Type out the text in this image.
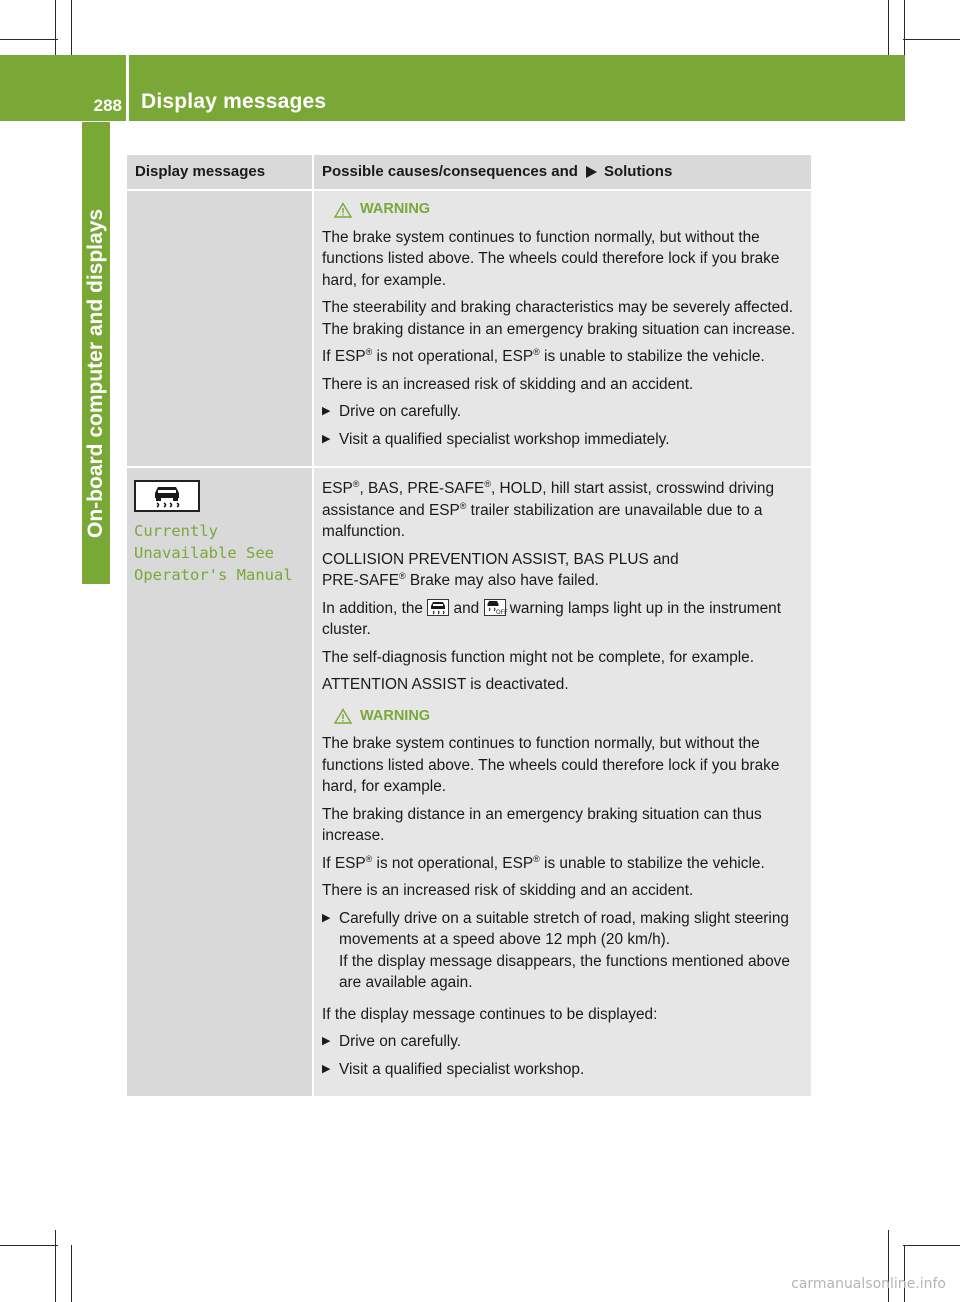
288 Display messages
On-board computer and displays
Display messages	Possible causes/consequences and Solutions
WARNING

The brake system continues to function normally, but without the functions listed above. The wheels could therefore lock if you brake hard, for example.

The steerability and braking characteristics may be severely affected. The braking distance in an emergency braking situation can increase.

If ESP® is not operational, ESP® is unable to stabilize the vehicle.

There is an increased risk of skidding and an accident.

▶ Drive on carefully.
▶ Visit a qualified specialist workshop immediately.
Currently
Unavailable See
Operator's Manual

ESP®, BAS, PRE-SAFE®, HOLD, hill start assist, crosswind driving assistance and ESP® trailer stabilization are unavailable due to a malfunction.

COLLISION PREVENTION ASSIST, BAS PLUS and
PRE-SAFE® Brake may also have failed.

In addition, the and	OFF warning lamps light up in the instrument cluster.

The self-diagnosis function might not be complete, for example.

ATTENTION ASSIST is deactivated.

WARNING

The brake system continues to function normally, but without the functions listed above. The wheels could therefore lock if you brake hard, for example.

The braking distance in an emergency braking situation can thus increase.

If ESP® is not operational, ESP® is unable to stabilize the vehicle.

There is an increased risk of skidding and an accident.

▶ Carefully drive on a suitable stretch of road, making slight steering movements at a speed above 12 mph (20 km/h).
If the display message disappears, the functions mentioned above are available again.

If the display message continues to be displayed:

▶ Drive on carefully.
▶ Visit a qualified specialist workshop.
carmanualsonline.info
